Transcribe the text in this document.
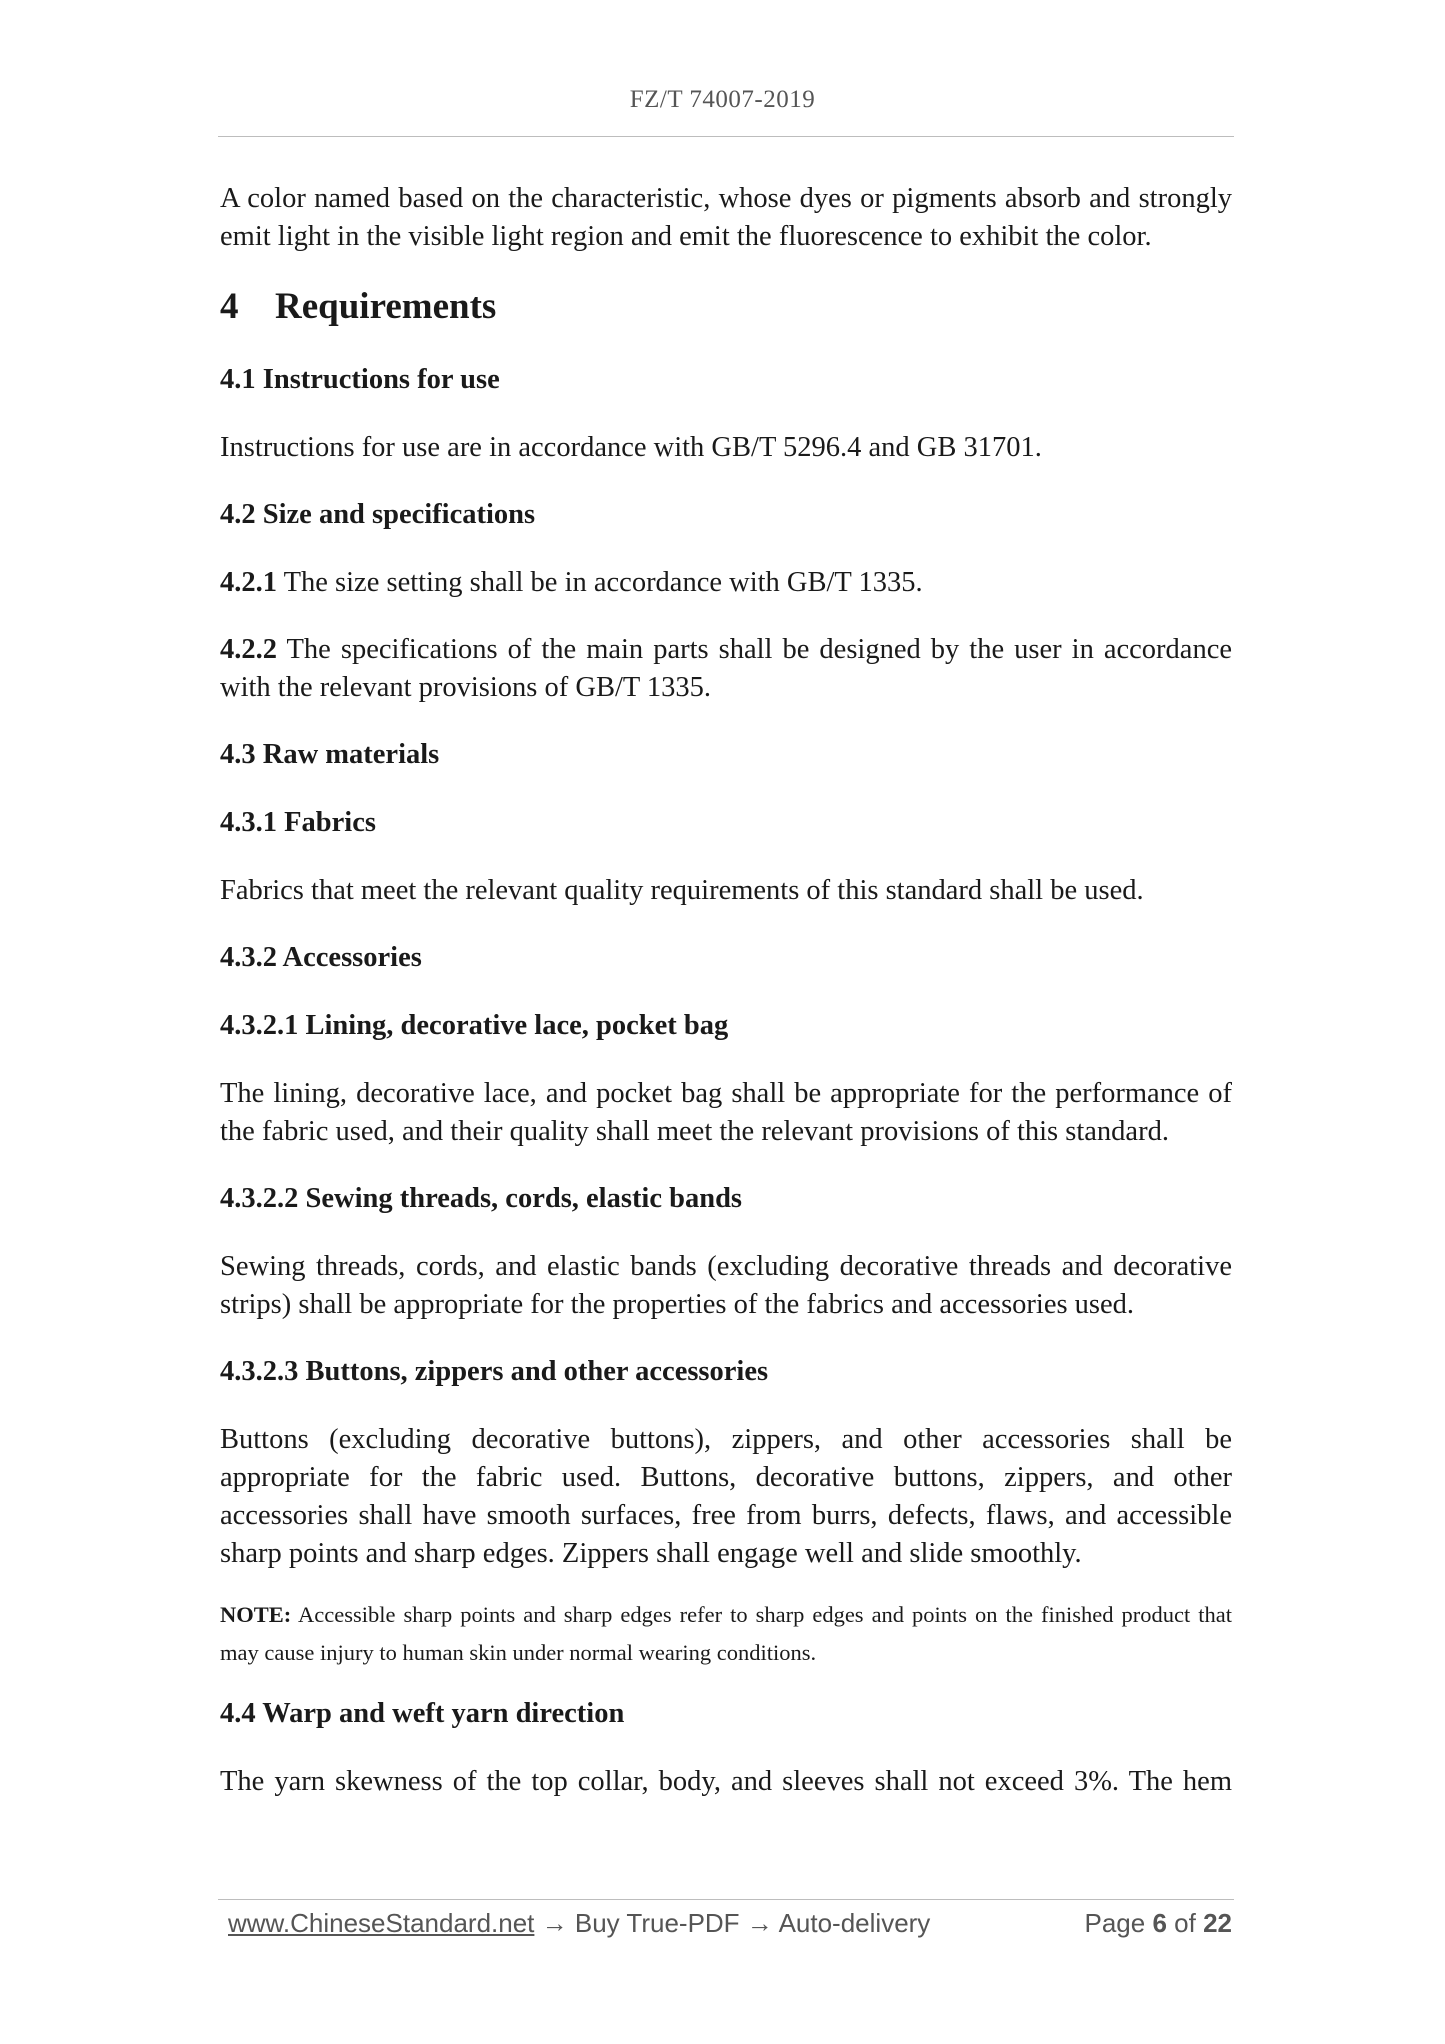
FZ/T 74007-2019

A color named based on the characteristic, whose dyes or pigments absorb and strongly emit light in the visible light region and emit the fluorescence to exhibit the color.

4 Requirements
4.1 Instructions for use

Instructions for use are in accordance with GB/T 5296.4 and GB 31701.

4.2 Size and specifications

4.2.1 The size setting shall be in accordance with GB/T 1335.

4.2.2 The specifications of the main parts shall be designed by the user in accordance with the relevant provisions of GB/T 1335.

4.3 Raw materials
4.3.1 Fabrics

Fabrics that meet the relevant quality requirements of this standard shall be used.

4.3.2 Accessories
4.3.2.1 Lining, decorative lace, pocket bag

The lining, decorative lace, and pocket bag shall be appropriate for the performance of the fabric used, and their quality shall meet the relevant provisions of this standard.

4.3.2.2 Sewing threads, cords, elastic bands

Sewing threads, cords, and elastic bands (excluding decorative threads and decorative strips) shall be appropriate for the properties of the fabrics and accessories used.

4.3.2.3 Buttons, zippers and other accessories

Buttons (excluding decorative buttons), zippers, and other accessories shall be appropriate for the fabric used. Buttons, decorative buttons, zippers, and other accessories shall have smooth surfaces, free from burrs, defects, flaws, and accessible sharp points and sharp edges. Zippers shall engage well and slide smoothly.

NOTE: Accessible sharp points and sharp edges refer to sharp edges and points on the finished product that may cause injury to human skin under normal wearing conditions.

4.4 Warp and weft yarn direction

The yarn skewness of the top collar, body, and sleeves shall not exceed 3%. The hem

www.ChineseStandard.net → Buy True-PDF → Auto-delivery	Page 6 of 22
